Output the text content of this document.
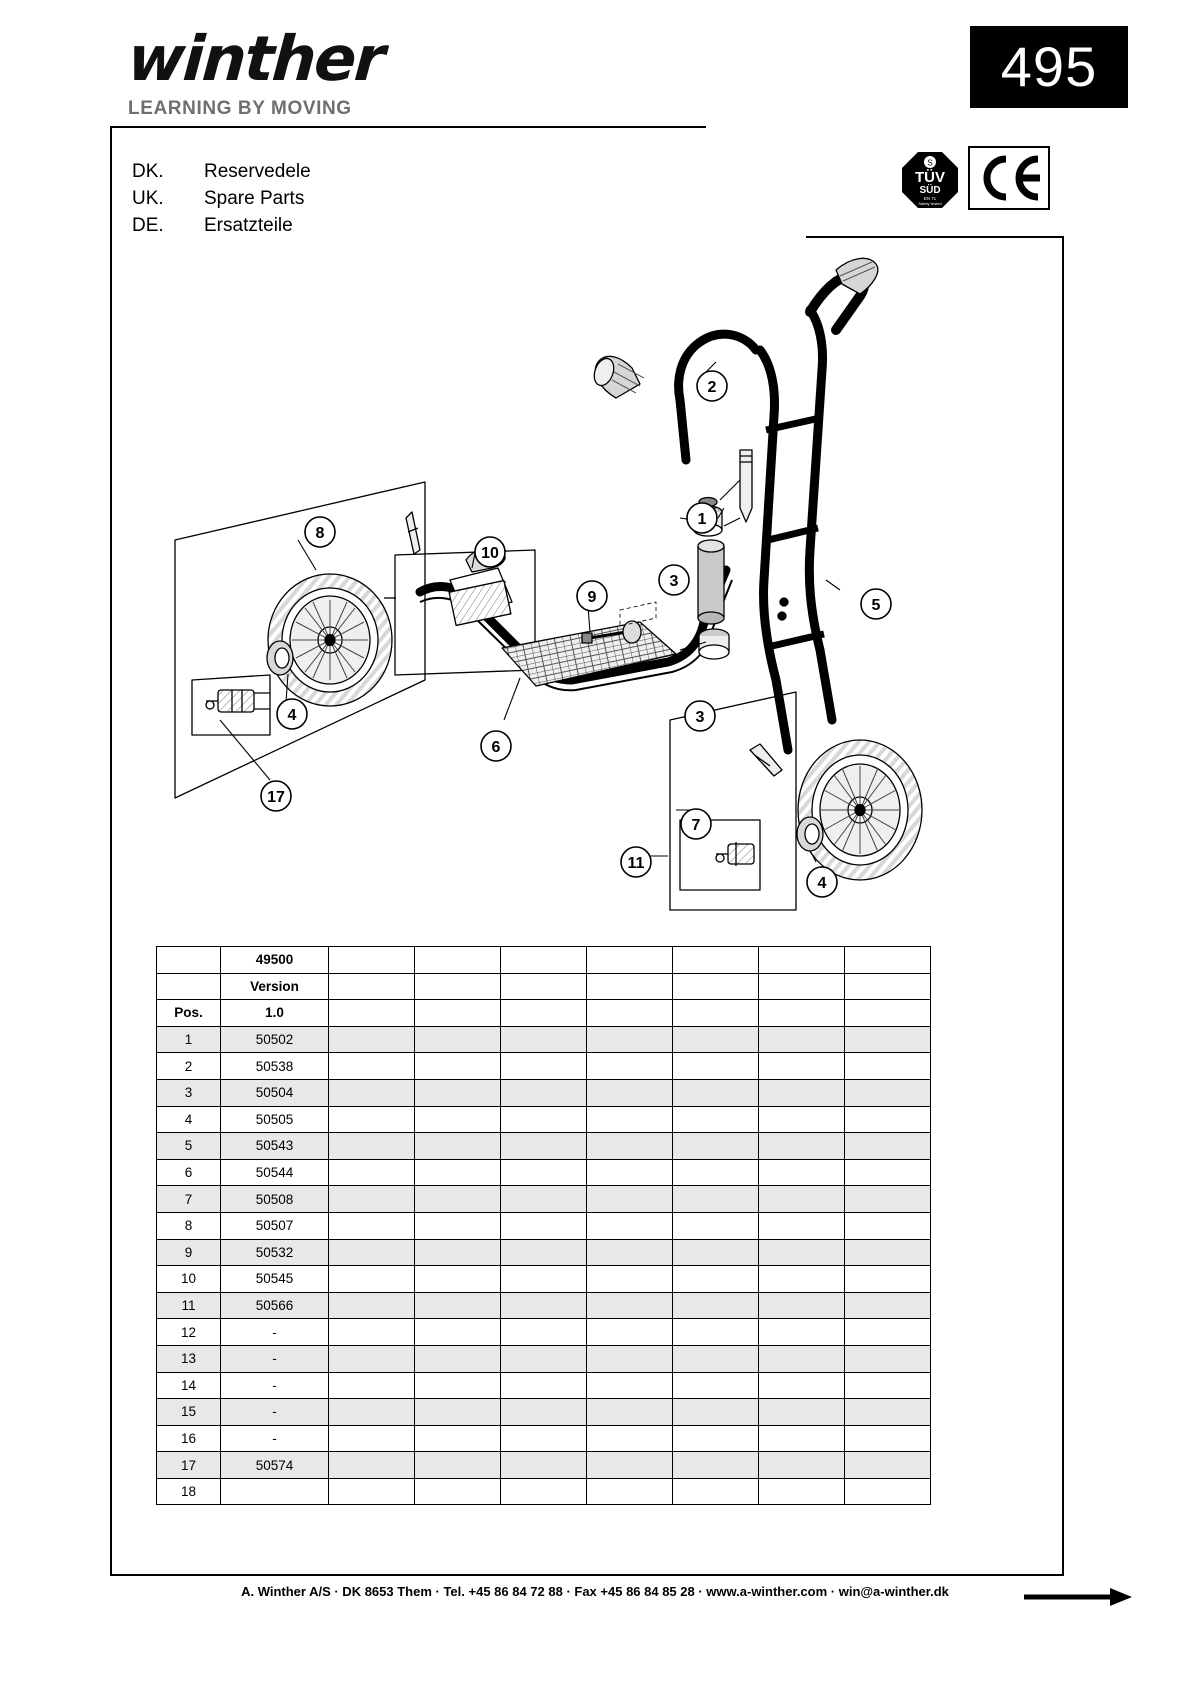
winther
LEARNING BY MOVING
495
DK.	Reservedele
UK.	Spare Parts
DE.	Ersatzteile
S
TÜV
SÜD
EN 71
Safety tested
1
2
3
3
4
4
5
6
7
8
9
10
11
17
	49500							
	Version							
Pos.	1.0							
1	50502							
2	50538							
3	50504							
4	50505							
5	50543							
6	50544							
7	50508							
8	50507							
9	50532							
10	50545							
11	50566							
12	-							
13	-							
14	-							
15	-							
16	-							
17	50574							
18								
A. Winther A/S · DK 8653 Them · Tel. +45 86 84 72 88 · Fax +45 86 84 85 28 · www.a-winther.com · win@a-winther.dk
